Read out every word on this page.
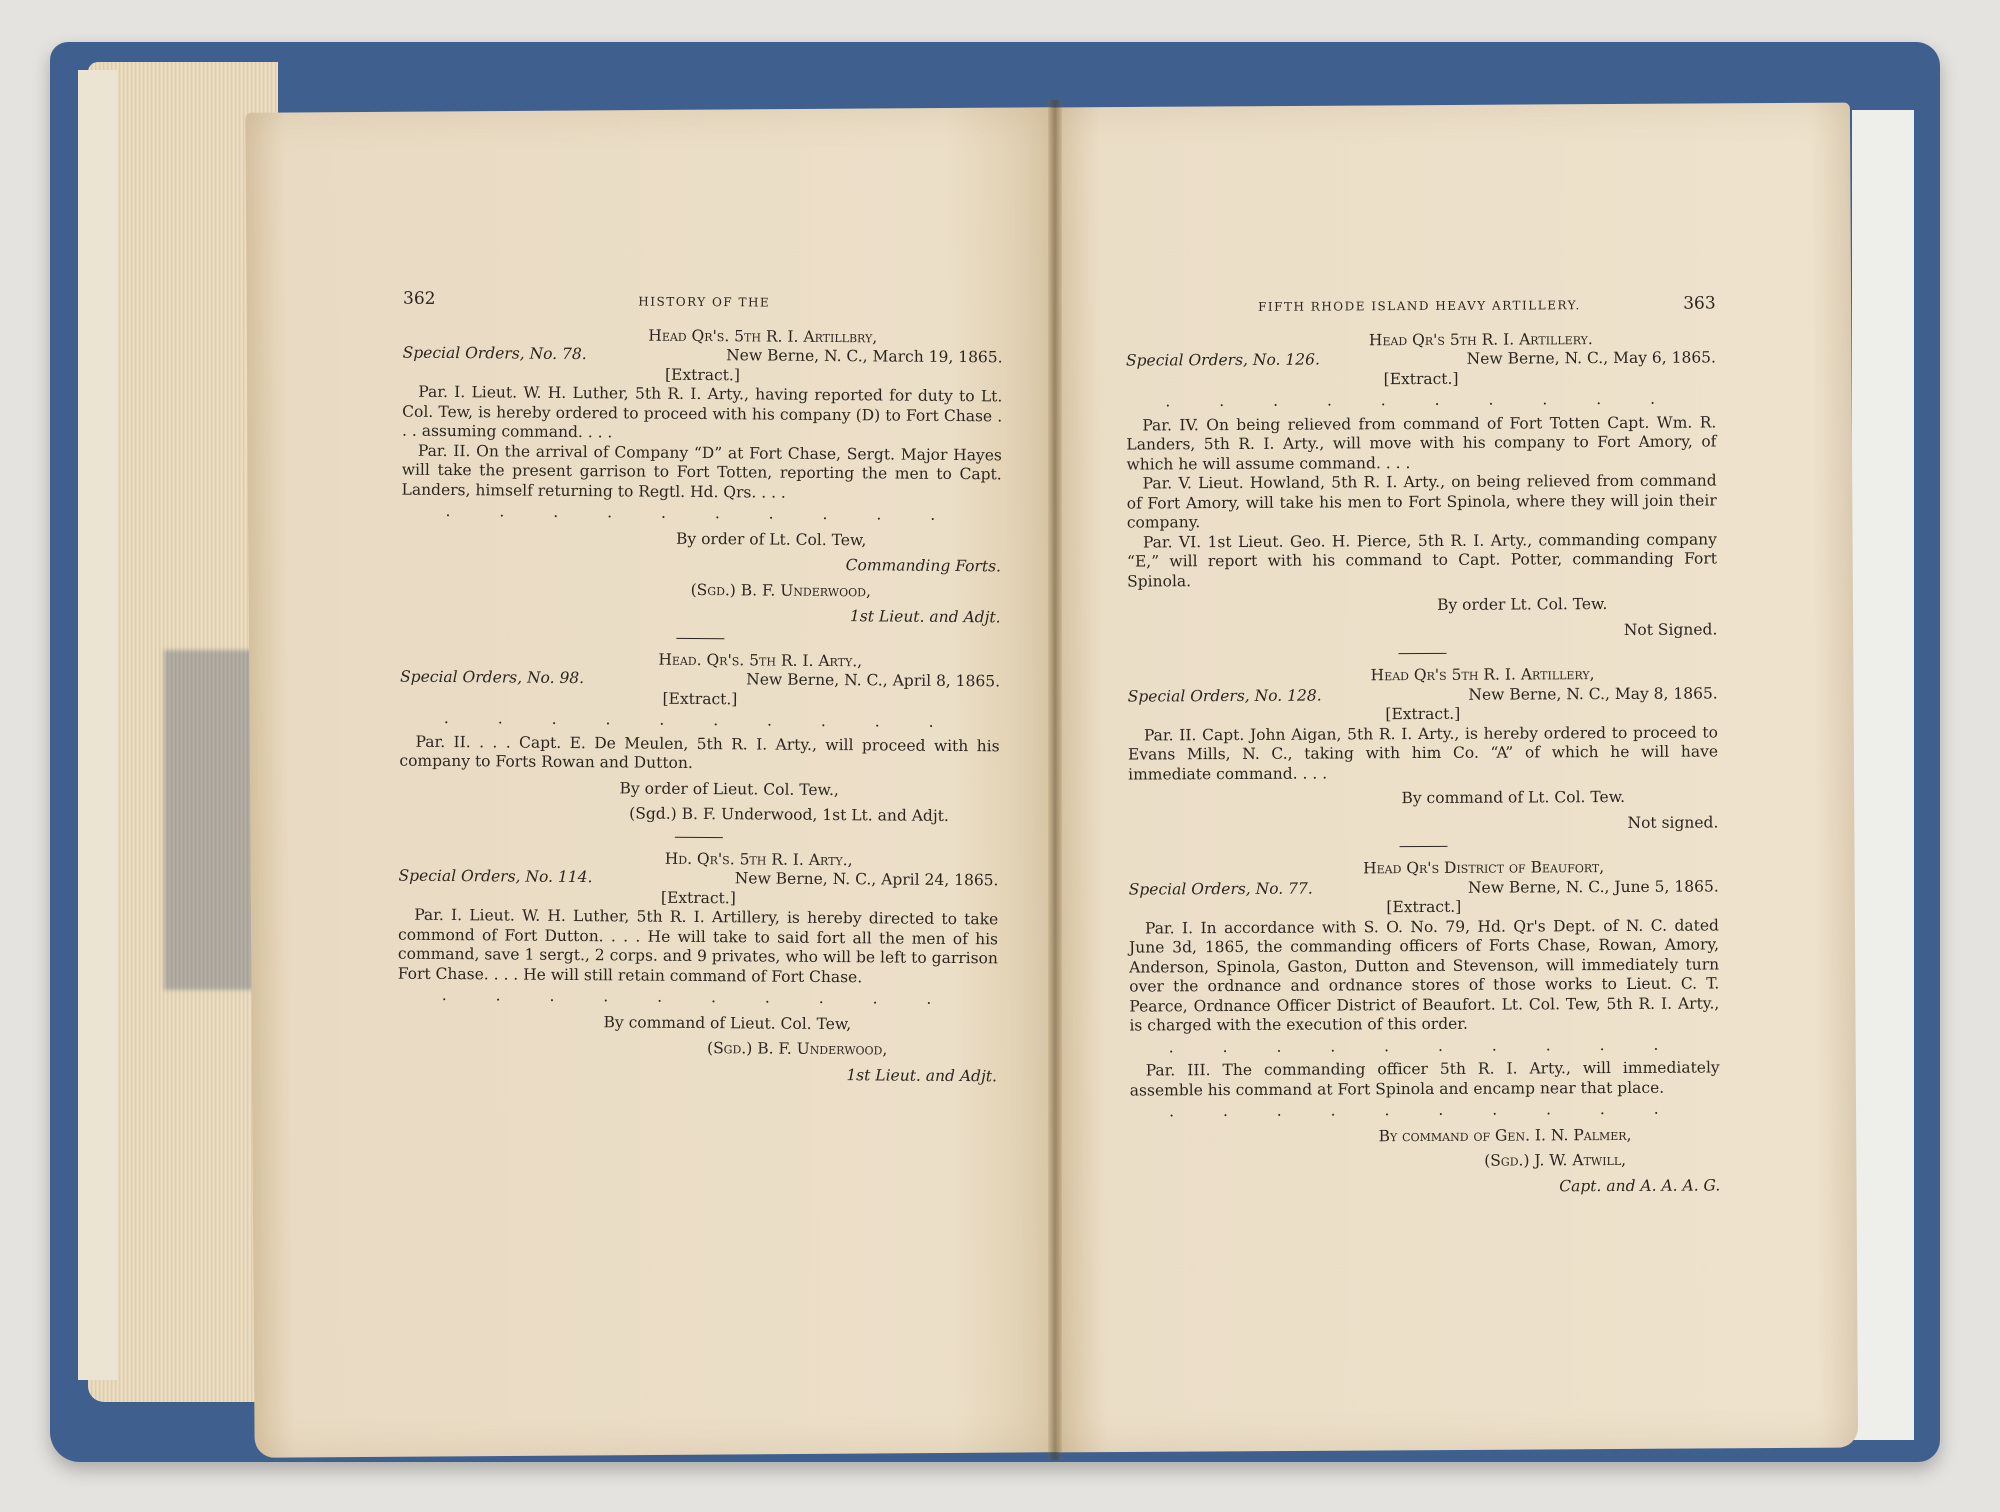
362	HISTORY OF THE
Head Qr's. 5th R. I. Artillbry,
Special Orders, No. 78.	New Berne, N. C., March 19, 1865.
[Extract.]

Par. I. Lieut. W. H. Luther, 5th R. I. Arty., having reported for duty to Lt. Col. Tew, is hereby ordered to proceed with his company (D) to Fort Chase . . . assuming command. . . .

Par. II. On the arrival of Company “D” at Fort Chase, Sergt. Major Hayes will take the present garrison to Fort Totten, reporting the men to Capt. Landers, himself returning to Regtl. Hd. Qrs. . . .

. . . . . . . . . .
By order of Lt. Col. Tew,
Commanding Forts.
(Sgd.) B. F. Underwood,
1st Lieut. and Adjt.
Head. Qr's. 5th R. I. Arty.,
Special Orders, No. 98.	New Berne, N. C., April 8, 1865.
[Extract.]
. . . . . . . . . .

Par. II. . . . Capt. E. De Meulen, 5th R. I. Arty., will proceed with his company to Forts Rowan and Dutton.

By order of Lieut. Col. Tew.,
(Sgd.) B. F. Underwood, 1st Lt. and Adjt.
Hd. Qr's. 5th R. I. Arty.,
Special Orders, No. 114.	New Berne, N. C., April 24, 1865.
[Extract.]

Par. I. Lieut. W. H. Luther, 5th R. I. Artillery, is hereby directed to take commond of Fort Dutton. . . . He will take to said fort all the men of his command, save 1 sergt., 2 corps. and 9 privates, who will be left to garrison Fort Chase. . . . He will still retain command of Fort Chase.

. . . . . . . . . .
By command of Lieut. Col. Tew,
(Sgd.) B. F. Underwood,
1st Lieut. and Adjt.
FIFTH RHODE ISLAND HEAVY ARTILLERY.	363
Head Qr's 5th R. I. Artillery.
Special Orders, No. 126.	New Berne, N. C., May 6, 1865.
[Extract.]
. . . . . . . . . .

Par. IV. On being relieved from command of Fort Totten Capt. Wm. R. Landers, 5th R. I. Arty., will move with his company to Fort Amory, of which he will assume command. . . .

Par. V. Lieut. Howland, 5th R. I. Arty., on being relieved from command of Fort Amory, will take his men to Fort Spinola, where they will join their company.

Par. VI. 1st Lieut. Geo. H. Pierce, 5th R. I. Arty., commanding company “E,” will report with his command to Capt. Potter, commanding Fort Spinola.

By order Lt. Col. Tew.
Not Signed.
Head Qr's 5th R. I. Artillery,
Special Orders, No. 128.	New Berne, N. C., May 8, 1865.
[Extract.]

Par. II. Capt. John Aigan, 5th R. I. Arty., is hereby ordered to proceed to Evans Mills, N. C., taking with him Co. “A” of which he will have immediate command. . . .

By command of Lt. Col. Tew.
Not signed.
Head Qr's District of Beaufort,
Special Orders, No. 77.	New Berne, N. C., June 5, 1865.
[Extract.]

Par. I. In accordance with S. O. No. 79, Hd. Qr's Dept. of N. C. dated June 3d, 1865, the commanding officers of Forts Chase, Rowan, Amory, Anderson, Spinola, Gaston, Dutton and Stevenson, will immediately turn over the ordnance and ordnance stores of those works to Lieut. C. T. Pearce, Ordnance Officer District of Beaufort. Lt. Col. Tew, 5th R. I. Arty., is charged with the execution of this order.

. . . . . . . . . .

Par. III. The commanding officer 5th R. I. Arty., will immediately assemble his command at Fort Spinola and encamp near that place.

. . . . . . . . . .
By command of Gen. I. N. Palmer,
(Sgd.) J. W. Atwill,
Capt. and A. A. A. G.
